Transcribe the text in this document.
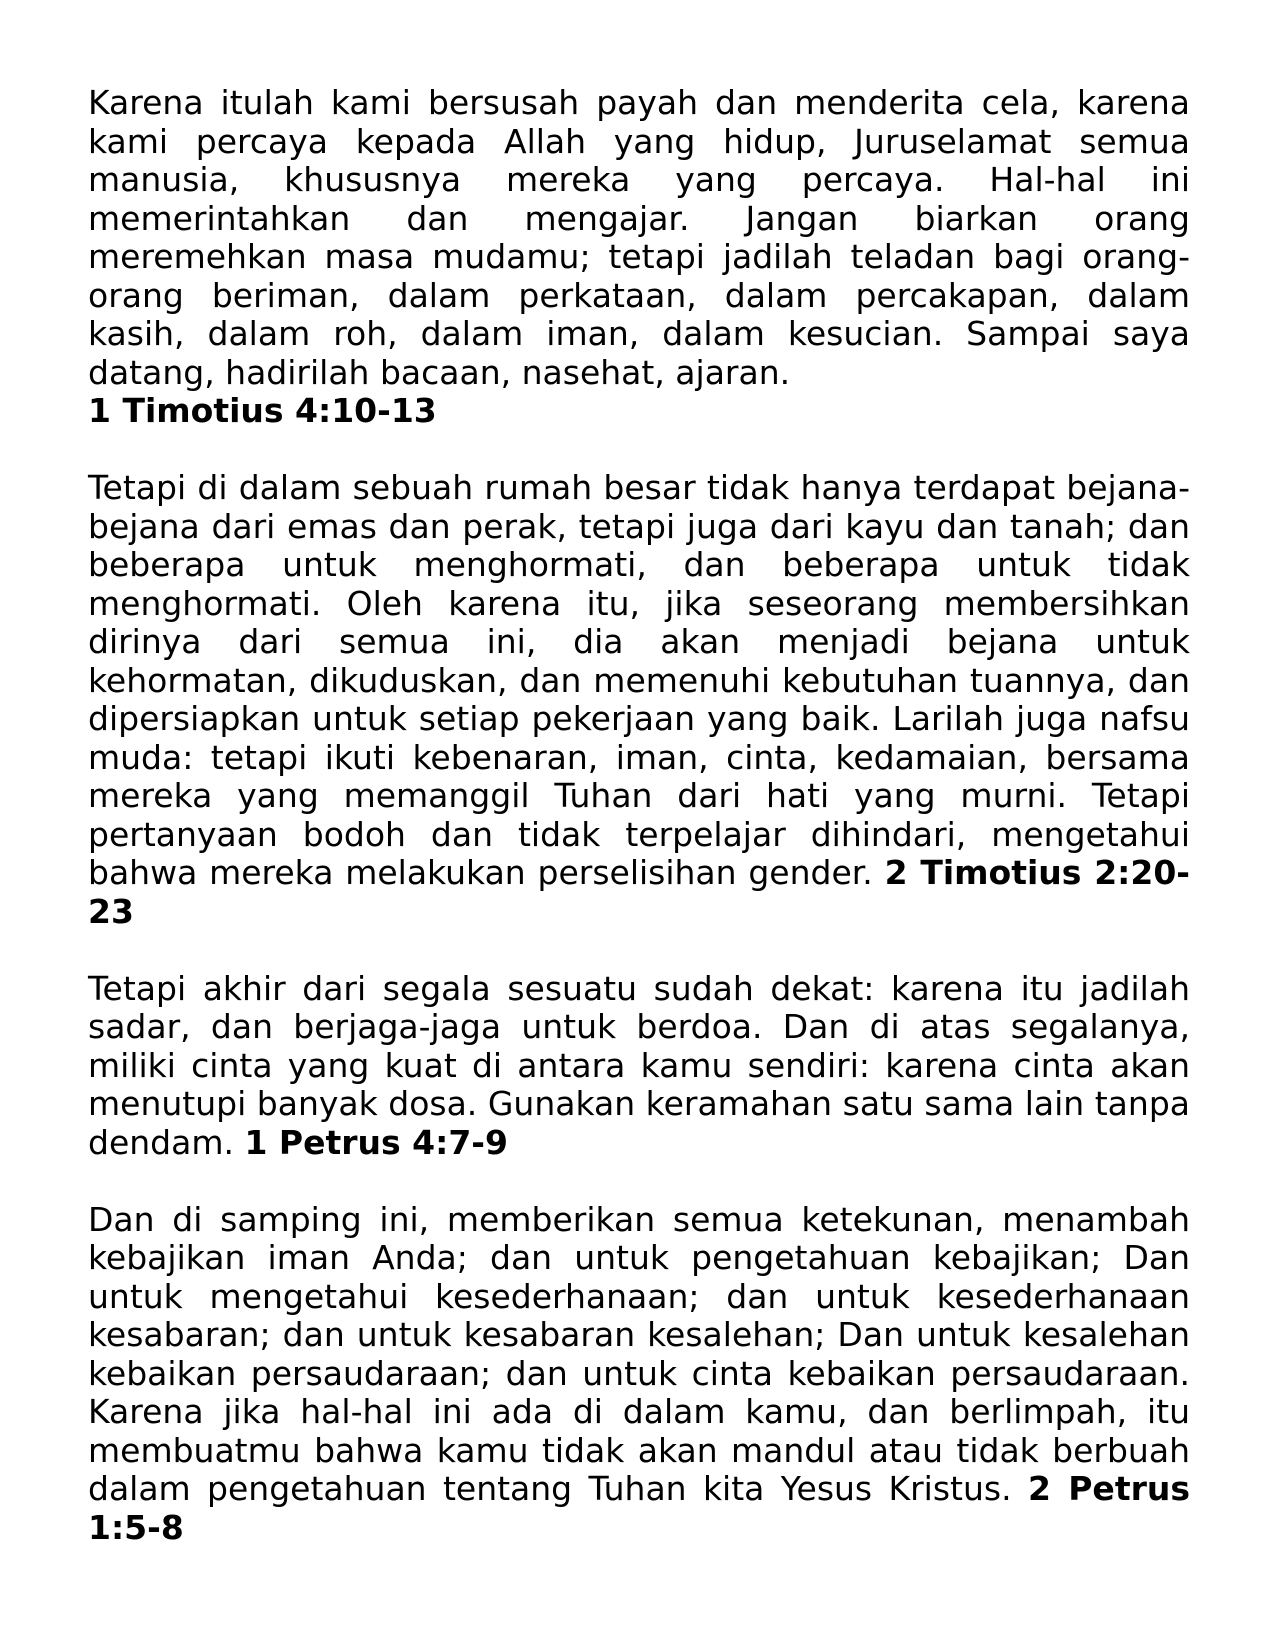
Karena itulah kami bersusah payah dan menderita cela, karena kami percaya kepada Allah yang hidup, Juruselamat semua manusia, khususnya mereka yang percaya. Hal-hal ini memerintahkan dan mengajar. Jangan biarkan orang meremehkan masa mudamu; tetapi jadilah teladan bagi orang-orang beriman, dalam perkataan, dalam percakapan, dalam kasih, dalam roh, dalam iman, dalam kesucian. Sampai saya datang, hadirilah bacaan, nasehat, ajaran.
1 Timotius 4:10-13

Tetapi di dalam sebuah rumah besar tidak hanya terdapat bejana-bejana dari emas dan perak, tetapi juga dari kayu dan tanah; dan beberapa untuk menghormati, dan beberapa untuk tidak menghormati. Oleh karena itu, jika seseorang membersihkan dirinya dari semua ini, dia akan menjadi bejana untuk kehormatan, dikuduskan, dan memenuhi kebutuhan tuannya, dan dipersiapkan untuk setiap pekerjaan yang baik. Larilah juga nafsu muda: tetapi ikuti kebenaran, iman, cinta, kedamaian, bersama mereka yang memanggil Tuhan dari hati yang murni. Tetapi pertanyaan bodoh dan tidak terpelajar dihindari, mengetahui bahwa mereka melakukan perselisihan gender. 2 Timotius 2:20-23

Tetapi akhir dari segala sesuatu sudah dekat: karena itu jadilah sadar, dan berjaga-jaga untuk berdoa. Dan di atas segalanya, miliki cinta yang kuat di antara kamu sendiri: karena cinta akan menutupi banyak dosa. Gunakan keramahan satu sama lain tanpa dendam. 1 Petrus 4:7-9

Dan di samping ini, memberikan semua ketekunan, menambah kebajikan iman Anda; dan untuk pengetahuan kebajikan; Dan untuk mengetahui kesederhanaan; dan untuk kesederhanaan kesabaran; dan untuk kesabaran kesalehan; Dan untuk kesalehan kebaikan persaudaraan; dan untuk cinta kebaikan persaudaraan. Karena jika hal-hal ini ada di dalam kamu, dan berlimpah, itu membuatmu bahwa kamu tidak akan mandul atau tidak berbuah dalam pengetahuan tentang Tuhan kita Yesus Kristus. 2 Petrus 1:5-8
